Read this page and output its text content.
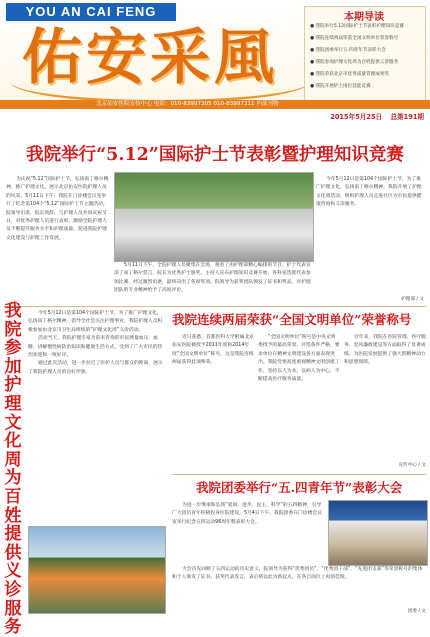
YOU AN CAI FENG
佑安采風
本期导读
● 我院举行5.12国际护士节表彰护理知识竞赛
● 我院连续两届荣获全国文明单位荣誉称号
● 我院团委举行五.四青年节表彰大会
● 我院参加护理文化周为百姓提供义诊服务
● 我院荣获北京市优秀质量管理成果奖
● 我院开展护士岗位技能竞赛
北京佑安医院宣传中心 电话：010-83997305 010-83997311 内部刊物
2015年5月25日 总第191期
我院举行“5.12”国际护士节表彰暨护理知识竞赛
为庆祝“5.12”国际护士节，弘扬南丁格尔精神，推广护理文化，展示北京佑安医院护理人员的风采，5月11日下午，我院在门诊楼会议室举行了纪念第104个“5.12”国际护士节主题活动。院领导出席，院长致辞，与护理人员共同庆祝节日，对优秀护理人员进行表彰，激励全院护理人员不断提升服务水平和护理质量，促进我院护理文化建设与护理工作发展。
5月11日下午，全院护理人员聚集在会场，观看了由护理部精心编排的节目。护士代表宣读了南丁格尔誓言，院长为优秀护士颁奖。主持人宣布护理知识竞赛开始，各科室选派代表参加比赛，经过激烈角逐，最终决出了各项奖项。院领导为获奖团队颁发了证书和奖品，对护理团队的专业精神给予了高度评价。
今年5月12日是第104个国际护士节，为了推广护理文化，弘扬南丁格尔精神，我院开展了护理文化周活动，组织护理人员走进社区为市民提供健康咨询和义诊服务。
护理部 / 文
我院参加护理文化周为百姓提供义诊服务
今年5月12日是第104个国际护士节，为了推广护理文化，弘扬南丁格尔精神，倡导全社会关注护理事业，我院护理人员积极参加由北京市卫生局组织的“护理文化周”义诊活动。
活动当天，我院护理专家为前来咨询的市民测量血压、血糖，讲解慢性病防治知识和健康生活方式，受到了广大市民的热烈欢迎和一致好评。
通过此次活动，进一步拉近了医护人员与群众的距离，展示了我院护理人员的良好形象。
我院连续两届荣获“全国文明单位”荣誉称号
近日获悉，首都医科大学附属北京佑安医院被授予2011年度和2014年度“全国文明单位”称号，这是我院连续两届获得此项殊荣。
“全国文明单位”称号是中央文明委授予的最高荣誉，评选条件严格，要求单位在精神文明建设各方面表现突出。我院党委高度重视精神文明创建工作，坚持以人为本，以病人为中心，不断提高医疗服务质量。
近年来，我院在医院管理、医疗服务、党风廉政建设等方面取得了显著成绩，为医院发展提供了强大的精神动力和思想保障。
宣传中心 / 文
我院团委举行“五.四青年节”表彰大会
为进一步继承和弘扬“爱国、进步、民主、科学”的五四精神，引导广大团员青年积极投身医院建设，5月4日下午，我院团委在门诊楼会议室举行纪念五四运动96周年暨表彰大会。
大会首先回顾了五四运动的历史意义，院领导为获得“优秀团员”、“优秀团干部”、“先进团支部”等荣誉称号的集体和个人颁发了证书。获奖代表发言，表示将以此为新起点，在各自岗位上再创佳绩。
团委 / 文
